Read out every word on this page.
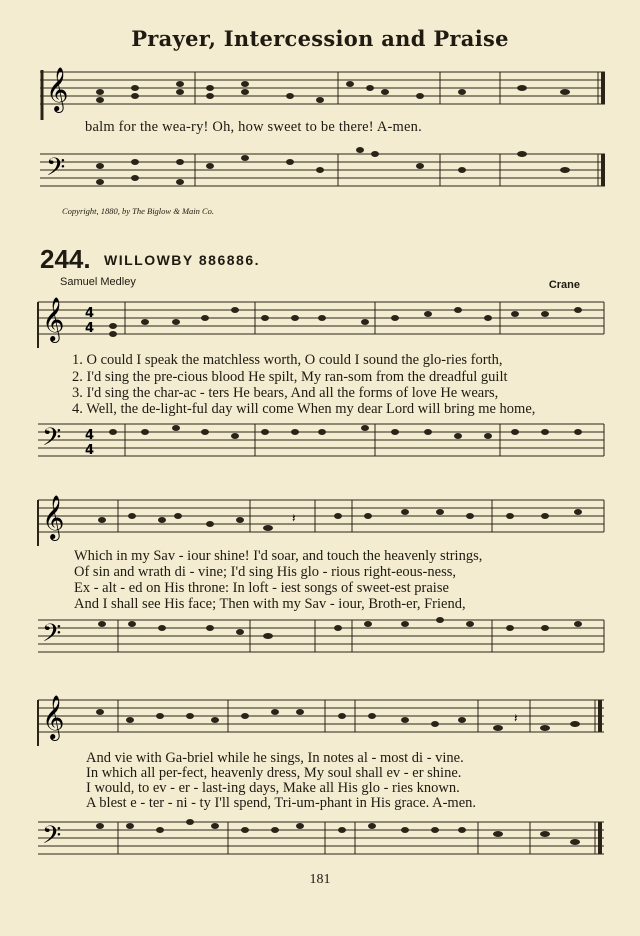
Prayer, Intercession and Praise
𝄞
balm for the wea-ry! Oh, how sweet to be there! A-men.
𝄢
Copyright, 1880, by The Biglow & Main Co.
244. WILLOWBY 886886.
Samuel Medley	Crane
𝄞 4
4
1. O could I speak the matchless worth, O could I sound the glo-ries forth,
2. I'd sing the pre-cious blood He spilt, My ran-som from the dreadful guilt
3. I'd sing the char-ac - ters He bears, And all the forms of love He wears,
4. Well, the de-light-ful day will come When my dear Lord will bring me home,
𝄢 4
4
𝄞	𝄽
Which in my Sav - iour shine! I'd soar, and touch the heavenly strings,
Of sin and wrath di - vine; I'd sing His glo - rious right-eous-ness,
Ex - alt - ed on His throne: In loft - iest songs of sweet-est praise
And I shall see His face; Then with my Sav - iour, Broth-er, Friend,
𝄢
𝄞	𝄽
And vie with Ga-briel while he sings, In notes al - most di - vine.
In which all per-fect, heavenly dress, My soul shall ev - er shine.
I would, to ev - er - last-ing days, Make all His glo - ries known.
A blest e - ter - ni - ty I'll spend, Tri-um-phant in His grace. A-men.
𝄢
181
